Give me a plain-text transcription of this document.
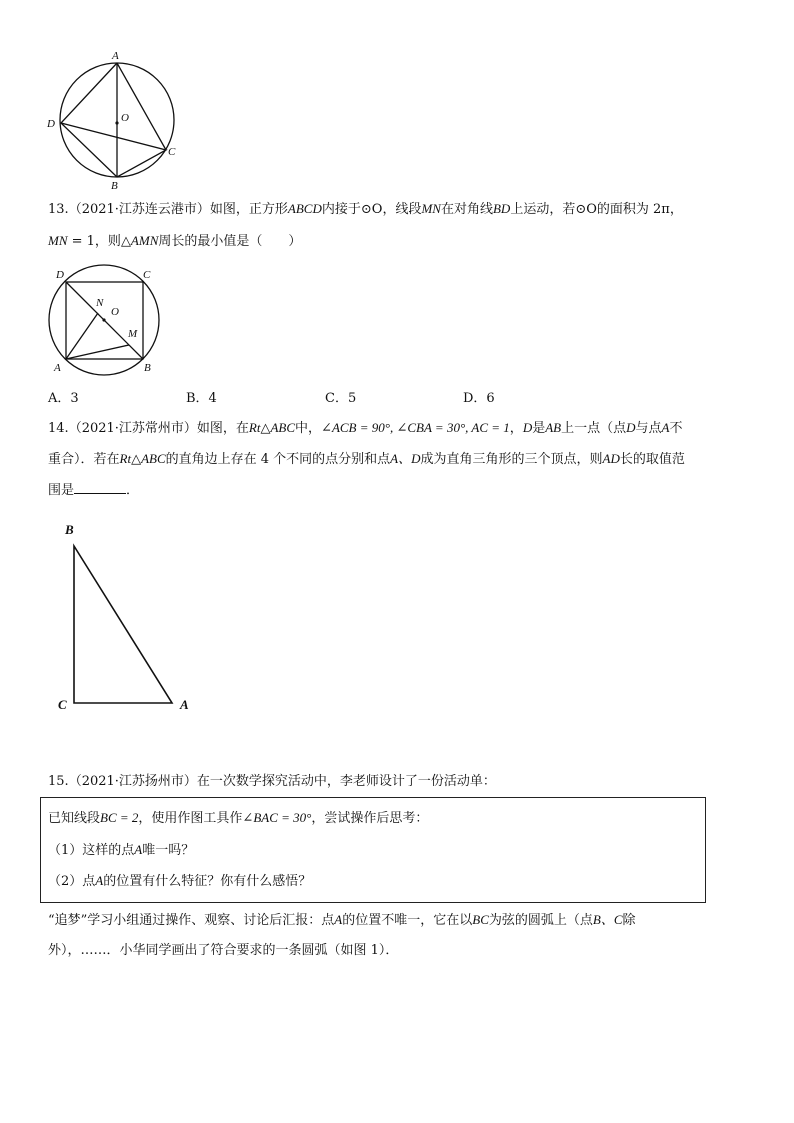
A
D	O
C
B
13.（2021·江苏连云港市）如图，正方形ABCD内接于⊙O，线段MN在对角线BD上运动，若⊙O的面积为 2π，
MN = 1，则△AMN周长的最小值是（　　）
D	C
N
O
M
A	B
A．3	B．4	C．5	D．6
14.（2021·江苏常州市）如图，在Rt△ABC中，∠ACB = 90°, ∠CBA = 30°, AC = 1，D是AB上一点（点D与点A不
重合）．若在Rt△ABC的直角边上存在 4 个不同的点分别和点A、D成为直角三角形的三个顶点，则AD长的取值范
围是	．
B
C	A
15.（2021·江苏扬州市）在一次数学探究活动中，李老师设计了一份活动单：
已知线段BC = 2，使用作图工具作∠BAC = 30°，尝试操作后思考：
（1）这样的点A唯一吗？
（2）点A的位置有什么特征？你有什么感悟？
“追梦”学习小组通过操作、观察、讨论后汇报：点A的位置不唯一，它在以BC为弦的圆弧上（点B、C除
外），……．小华同学画出了符合要求的一条圆弧（如图 1）．
